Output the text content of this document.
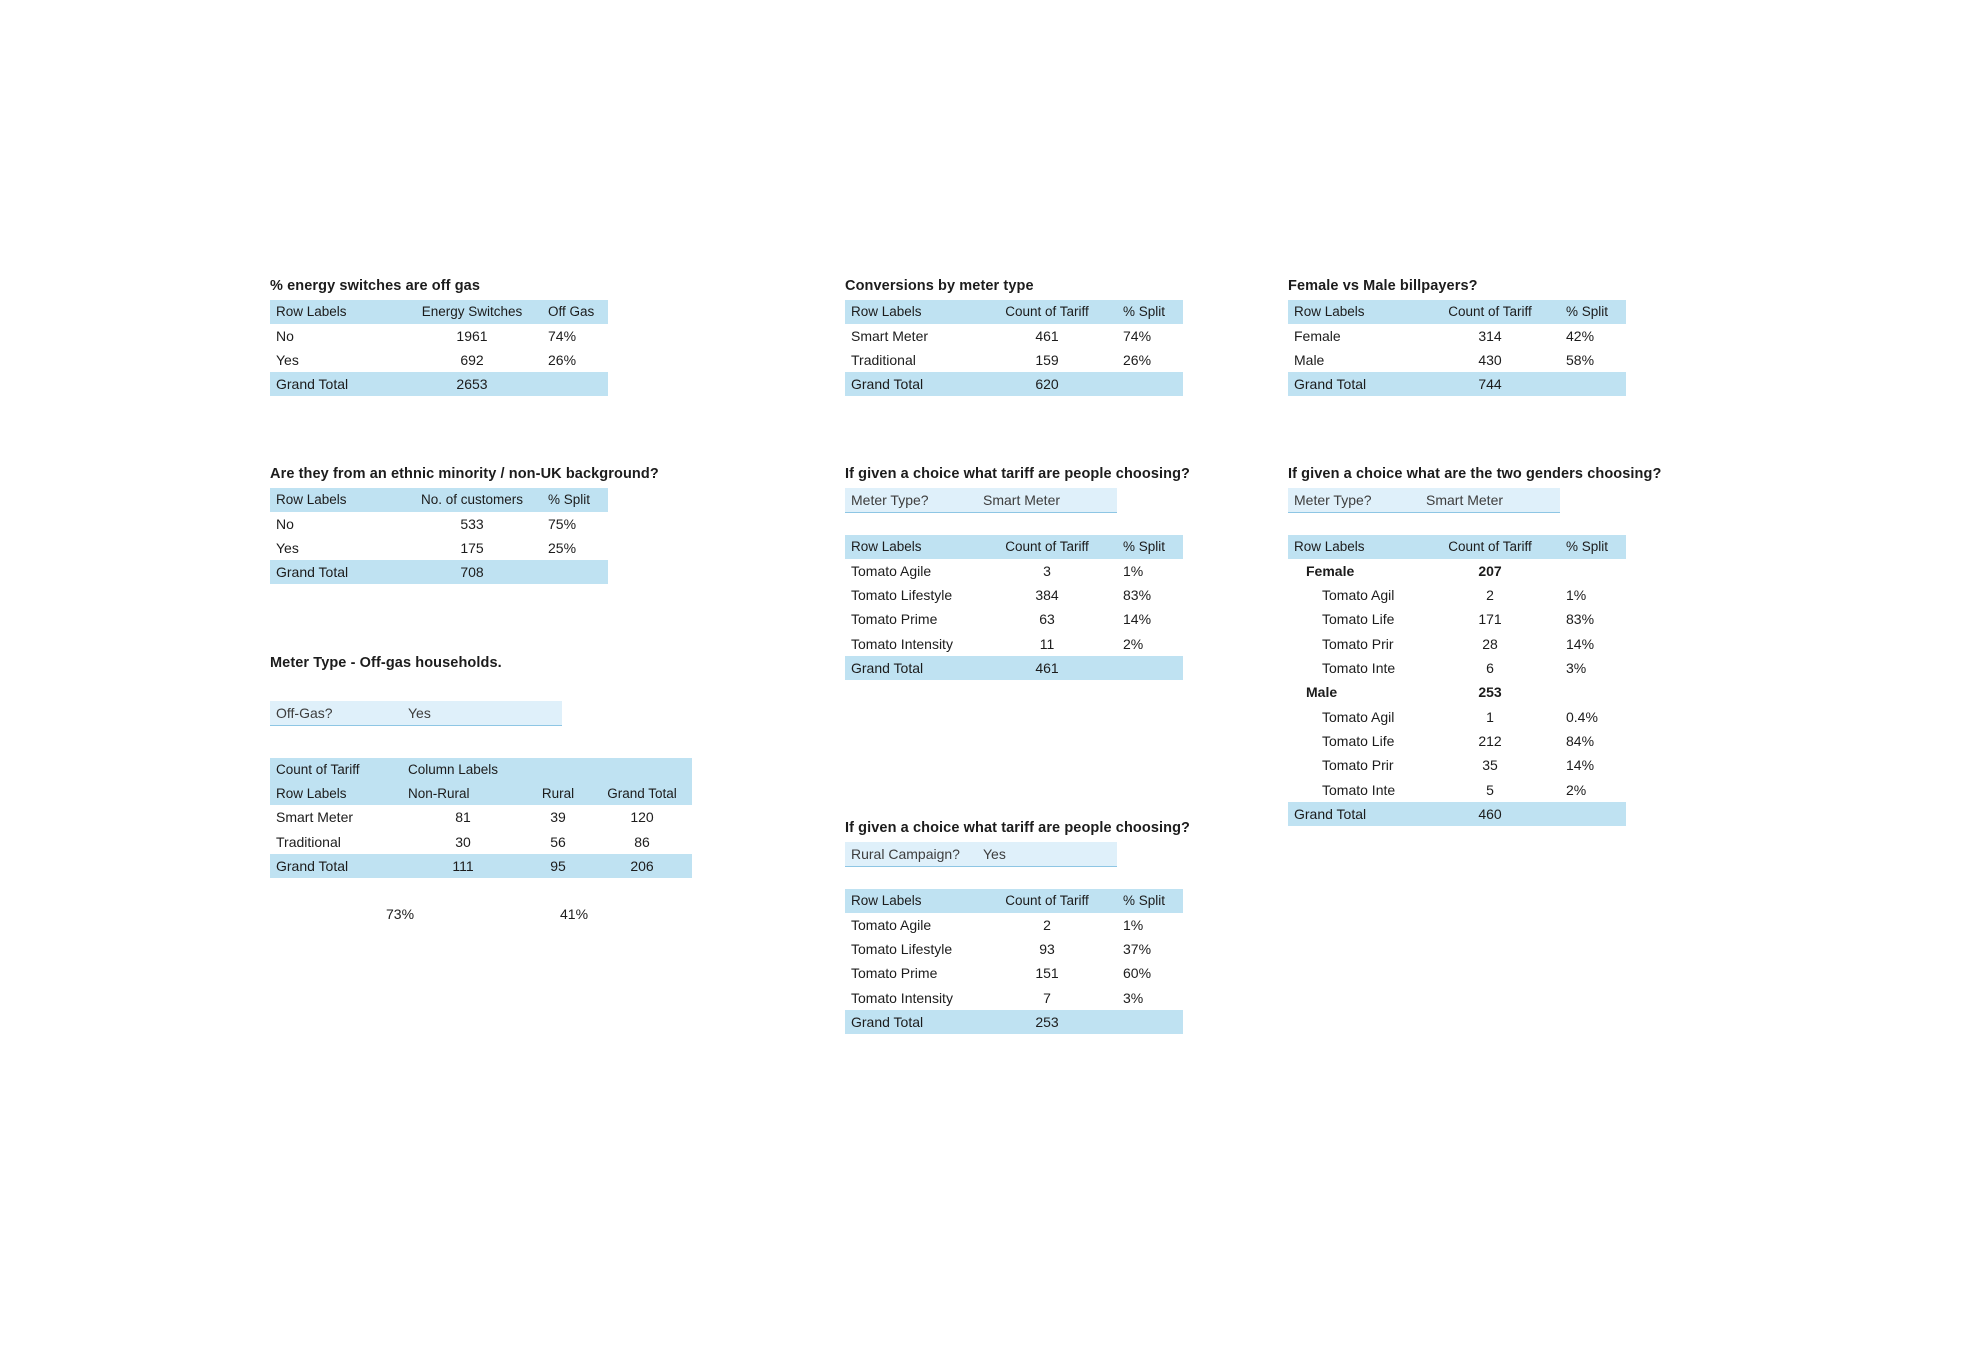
% energy switches are off gas
Row Labels	Energy Switches	Off Gas
No	1961	74%
Yes	692	26%
Grand Total	2653	
Conversions by meter type
Row Labels	Count of Tariff	% Split
Smart Meter	461	74%
Traditional	159	26%
Grand Total	620	
Female vs Male billpayers?
Row Labels	Count of Tariff	% Split
Female	314	42%
Male	430	58%
Grand Total	744	
Are they from an ethnic minority / non-UK background?
Row Labels	No. of customers	% Split
No	533	75%
Yes	175	25%
Grand Total	708	
If given a choice what tariff are people choosing?
Meter Type?	Smart Meter
Row Labels	Count of Tariff	% Split
Tomato Agile	3	1%
Tomato Lifestyle	384	83%
Tomato Prime	63	14%
Tomato Intensity	11	2%
Grand Total	461	
If given a choice what are the two genders choosing?
Meter Type?	Smart Meter
Row Labels	Count of Tariff	% Split
Female	207	
Tomato Agil	2	1%
Tomato Life	171	83%
Tomato Prir	28	14%
Tomato Inte	6	3%
Male	253	
Tomato Agil	1	0.4%
Tomato Life	212	84%
Tomato Prir	35	14%
Tomato Inte	5	2%
Grand Total	460	
Meter Type - Off-gas households.
Off-Gas?	Yes
Count of Tariff	Column Labels		
Row Labels	Non-Rural	Rural	Grand Total
Smart Meter	81	39	120
Traditional	30	56	86
Grand Total	111	95	206
73%	41%
If given a choice what tariff are people choosing?
Rural Campaign?	Yes
Row Labels	Count of Tariff	% Split
Tomato Agile	2	1%
Tomato Lifestyle	93	37%
Tomato Prime	151	60%
Tomato Intensity	7	3%
Grand Total	253	
